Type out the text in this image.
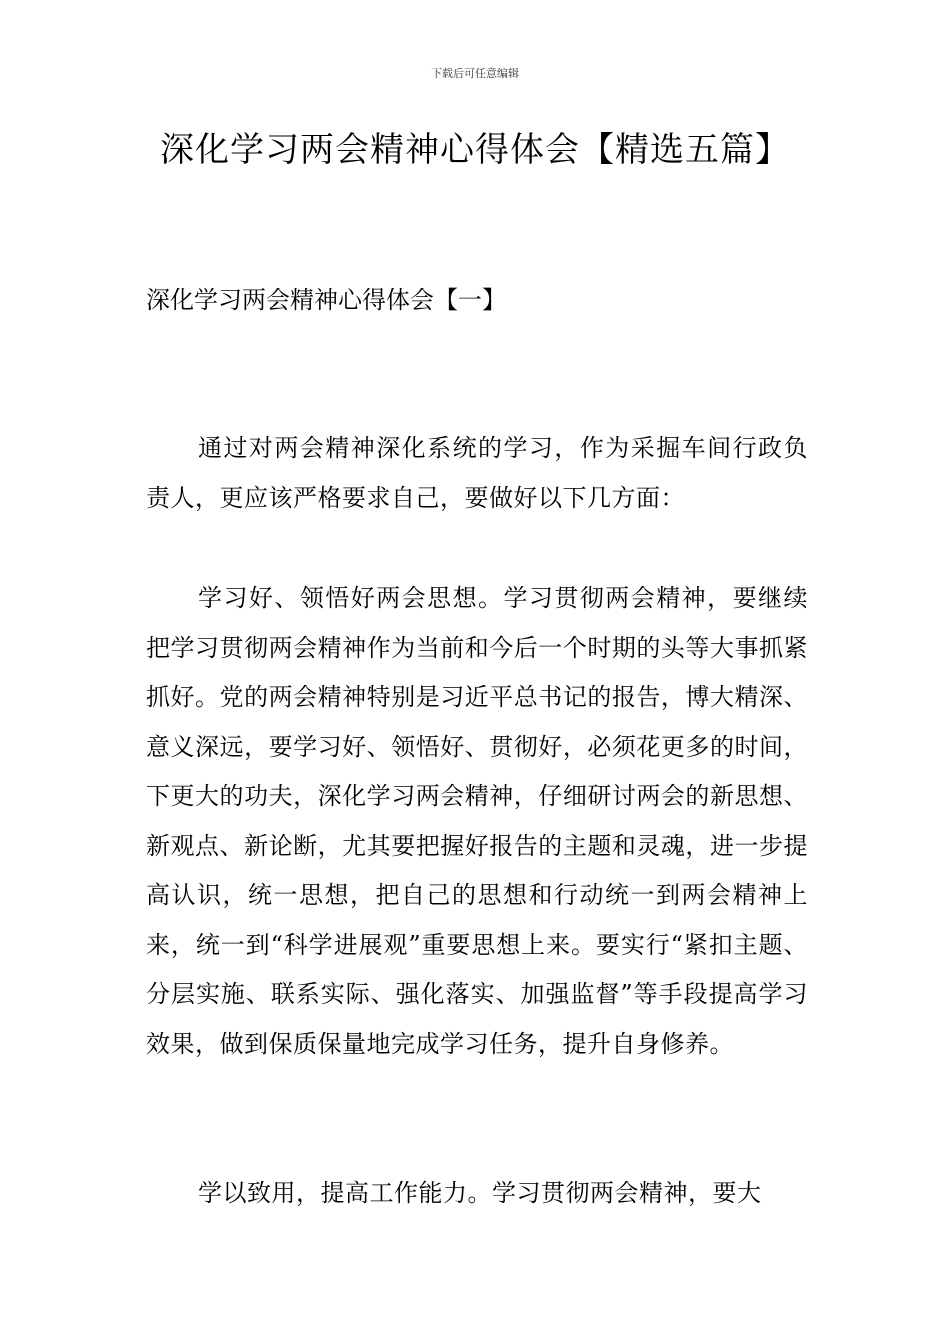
下载后可任意编辑
深化学习两会精神心得体会【精选五篇】
深化学习两会精神心得体会【一】

通过对两会精神深化系统的学习，作为采掘车间行政负责人，更应该严格要求自己，要做好以下几方面：

学习好、领悟好两会思想。学习贯彻两会精神，要继续把学习贯彻两会精神作为当前和今后一个时期的头等大事抓紧抓好。党的两会精神特别是习近平总书记的报告，博大精深、意义深远，要学习好、领悟好、贯彻好，必须花更多的时间，下更大的功夫，深化学习两会精神，仔细研讨两会的新思想、新观点、新论断，尤其要把握好报告的主题和灵魂，进一步提高认识，统一思想，把自己的思想和行动统一到两会精神上来，统一到“科学进展观”重要思想上来。要实行“紧扣主题、分层实施、联系实际、强化落实、加强监督”等手段提高学习效果，做到保质保量地完成学习任务，提升自身修养。

学以致用，提高工作能力。学习贯彻两会精神，要大
